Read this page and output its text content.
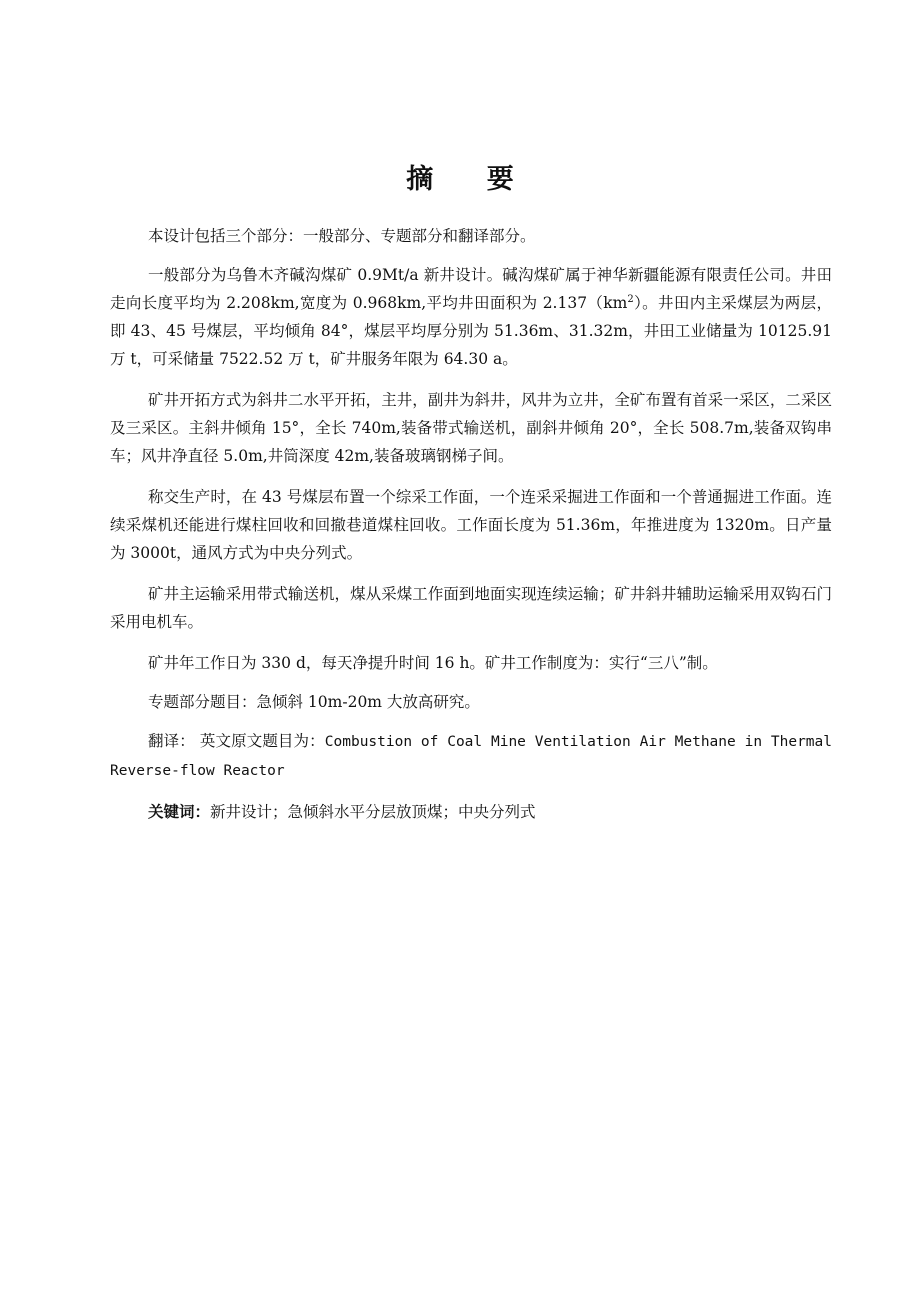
摘 要

本设计包括三个部分：一般部分、专题部分和翻译部分。

一般部分为乌鲁木齐碱沟煤矿 0.9Mt/a 新井设计。碱沟煤矿属于神华新疆能源有限责任公司。井田走向长度平均为 2.208km,宽度为 0.968km,平均井田面积为 $2.137(km^2)$。井田内主采煤层为两层，即 43、45 号煤层，平均倾角 84°，煤层平均厚分别为 51.36m、31.32m，井田工业储量为 10125.91 万 t，可采储量 7522.52 万 t，矿井服务年限为 64.30 a。

矿井开拓方式为斜井二水平开拓，主井，副井为斜井，风井为立井，全矿布置有首采一采区，二采区及三采区。主斜井倾角 15°，全长 740m,装备带式输送机，副斜井倾角 20°，全长 508.7m,装备双钩串车；风井净直径 5.0m,井筒深度 42m,装备玻璃钢梯子间。

称交生产时，在 43 号煤层布置一个综采工作面，一个连采采掘进工作面和一个普通掘进工作面。连续采煤机还能进行煤柱回收和回撤巷道煤柱回收。工作面长度为 51.36m，年推进度为 1320m。日产量为 3000t，通风方式为中央分列式。

矿井主运输采用带式输送机，煤从采煤工作面到地面实现连续运输；矿井斜井辅助运输采用双钩石门采用电机车。

矿井年工作日为 330 d，每天净提升时间 16 h。矿井工作制度为：实行“三八”制。

专题部分题目：急倾斜 10m-20m 大放高研究。

翻译： 英文原文题目为：Combustion of Coal Mine Ventilation Air Methane in Thermal Reverse-flow Reactor

关键词：新井设计；急倾斜水平分层放顶煤；中央分列式
